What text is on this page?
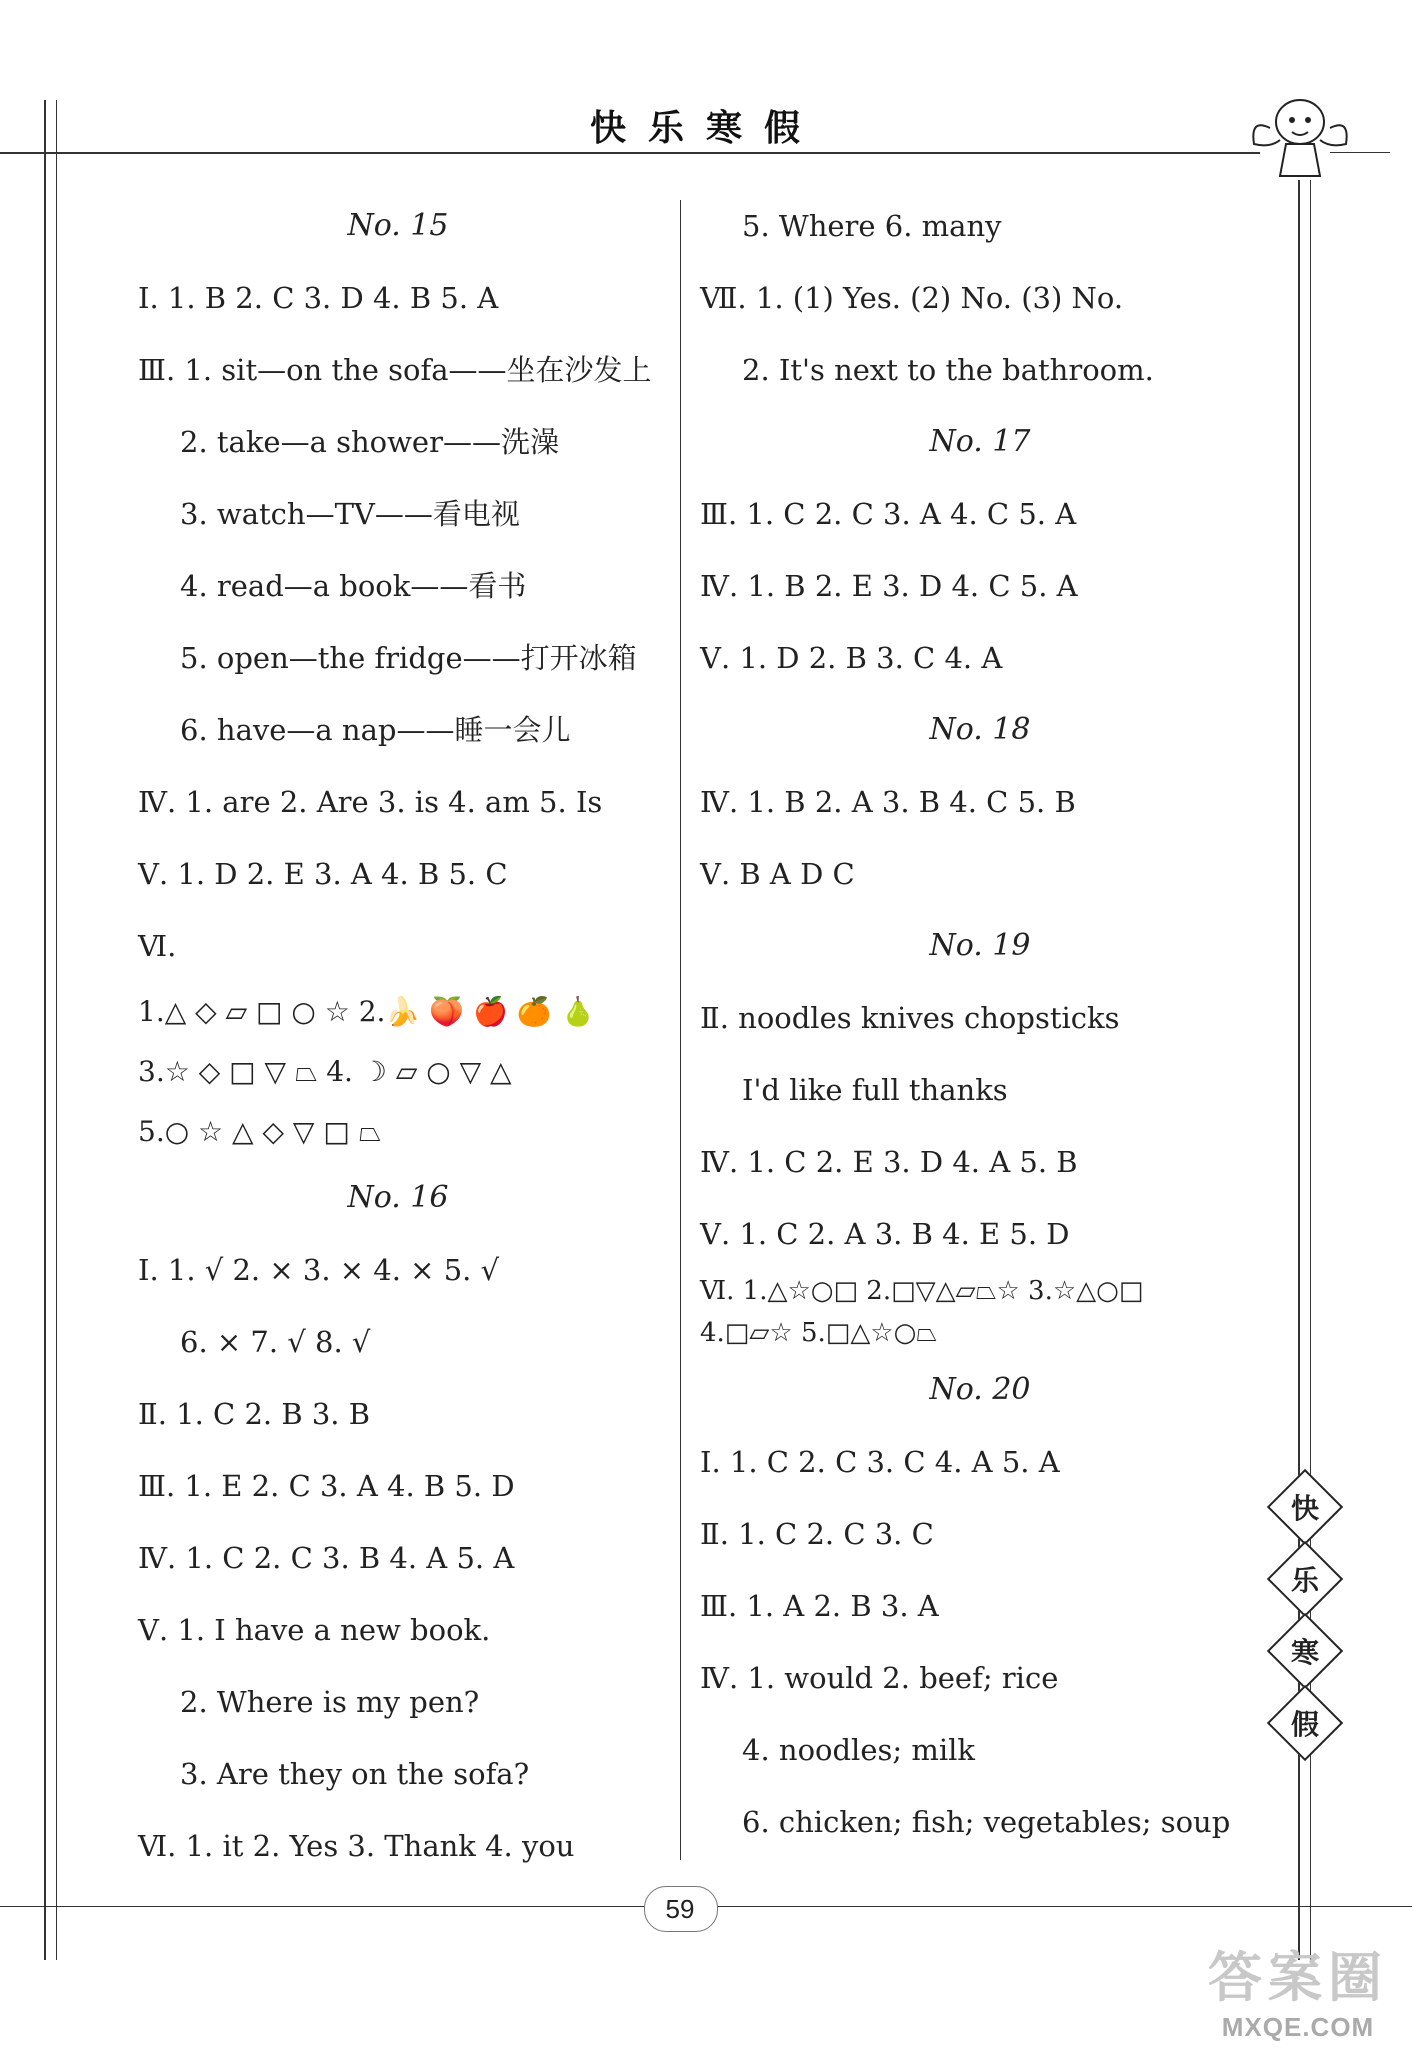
快乐寒假
No. 15
Ⅰ. 1. B 2. C 3. D 4. B 5. A
Ⅲ. 1. sit—on the sofa——坐在沙发上
2. take—a shower——洗澡
3. watch—TV——看电视
4. read—a book——看书
5. open—the fridge——打开冰箱
6. have—a nap——睡一会儿
Ⅳ. 1. are 2. Are 3. is 4. am 5. Is
Ⅴ. 1. D 2. E 3. A 4. B 5. C
Ⅵ.
1.△ ◇ ▱ □ ○ ☆ 2.🍌 🍑 🍎 🍊 🍐
3.☆ ◇ □ ▽ ⏢ 4. ☽ ▱ ○ ▽ △
5.○ ☆ △ ◇ ▽ □ ⏢
No. 16
Ⅰ. 1. √ 2. × 3. × 4. × 5. √
6. × 7. √ 8. √
Ⅱ. 1. C 2. B 3. B
Ⅲ. 1. E 2. C 3. A 4. B 5. D
Ⅳ. 1. C 2. C 3. B 4. A 5. A
Ⅴ. 1. I have a new book.
2. Where is my pen?
3. Are they on the sofa?
Ⅵ. 1. it 2. Yes 3. Thank 4. you
5. Where 6. many
Ⅶ. 1. (1) Yes. (2) No. (3) No.
2. It's next to the bathroom.
No. 17
Ⅲ. 1. C 2. C 3. A 4. C 5. A
Ⅳ. 1. B 2. E 3. D 4. C 5. A
Ⅴ. 1. D 2. B 3. C 4. A
No. 18
Ⅳ. 1. B 2. A 3. B 4. C 5. B
Ⅴ. B A D C
No. 19
Ⅱ. noodles knives chopsticks
I'd like full thanks
Ⅳ. 1. C 2. E 3. D 4. A 5. B
Ⅴ. 1. C 2. A 3. B 4. E 5. D
Ⅵ. 1.△☆○□ 2.□▽△▱⏢☆ 3.☆△○□
4.□▱☆ 5.□△☆○⏢
No. 20
Ⅰ. 1. C 2. C 3. C 4. A 5. A
Ⅱ. 1. C 2. C 3. C
Ⅲ. 1. A 2. B 3. A
Ⅳ. 1. would 2. beef; rice
4. noodles; milk
6. chicken; fish; vegetables; soup
59
快
乐
寒
假
答案圈
MXQE.COM
